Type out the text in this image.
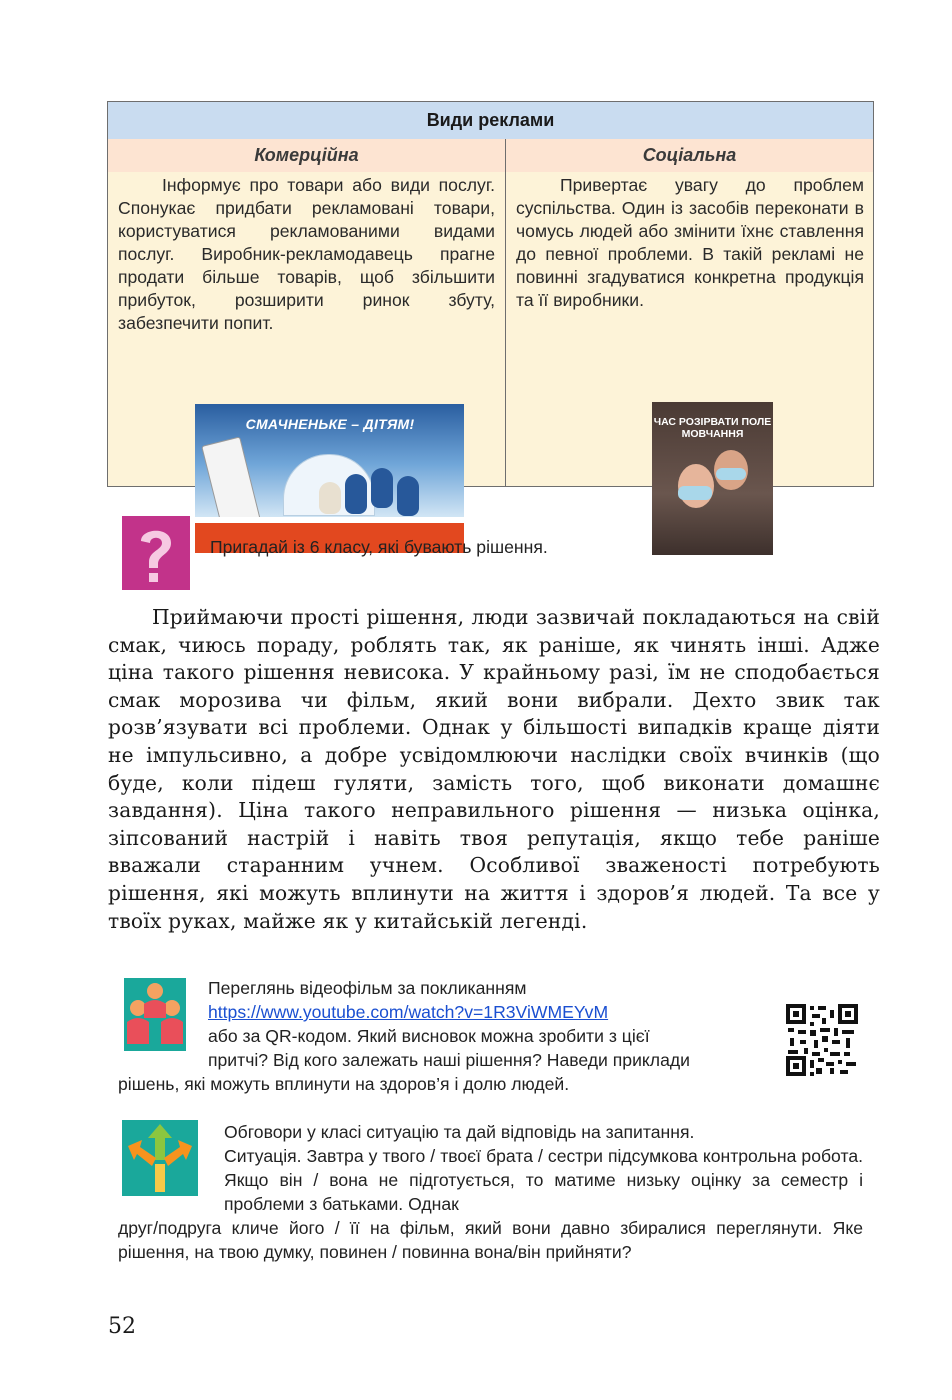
Види реклами
Комерційна	Соціальна
Інформує про товари або види послуг. Спонукає придбати рекламовані товари, користуватися рекламованими видами послуг. Виробник-рекламодавець прагне продати більше товарів, щоб збільшити прибуток, розширити ринок збуту, забезпечити попит.
Привертає увагу до проблем суспільства. Один із засобів переконати в чомусь людей або змінити їхнє ставлення до певної проблеми. В такій рекламі не повинні згадуватися конкретна продукція та її виробники.
СМАЧНЕНЬКЕ – ДІТЯМ!	ЧАС РОЗІРВАТИ ПОЛЕ МОВЧАННЯ
Пригадай із 6 класу, які бувають рішення.
Приймаючи прості рішення, люди зазвичай покладаються на свій смак, чиюсь пораду, роблять так, як раніше, як чинять інші. Адже ціна такого рішення невисока. У крайньому разі, їм не сподобається смак морозива чи фільм, який вони вибрали. Дехто звик так розв’язувати всі проблеми. Однак у більшості випадків краще діяти не імпульсивно, а добре усвідомлюючи наслідки своїх вчинків (що буде, коли підеш гуляти, замість того, щоб виконати домашнє завдання). Ціна такого неправильного рішення — низька оцінка, зіпсований настрій і навіть твоя репутація, якщо тебе раніше вважали старанним учнем. Особливої зваженості потребують рішення, які можуть вплинути на життя і здоров’я людей. Та все у твоїх руках, майже як у китайській легенді.
Переглянь відеофільм за покликанням
https://www.youtube.com/watch?v=1R3ViWMEYvM
або за QR-кодом. Який висновок можна зробити з цієї
притчі? Від кого залежать наші рішення? Наведи приклади
рішень, які можуть вплинути на здоров’я і долю людей.
Обговори у класі ситуацію та дай відповідь на запитання.
Ситуація. Завтра у твого / твоєї брата / сестри підсумкова контрольна робота. Якщо він / вона не підготується, то матиме низьку оцінку за семестр і проблеми з батьками. Однак
друг/подруга кличе його / її на фільм, який вони давно збиралися переглянути. Яке рішення, на твою думку, повинен / повинна вона/він прийняти?
52
